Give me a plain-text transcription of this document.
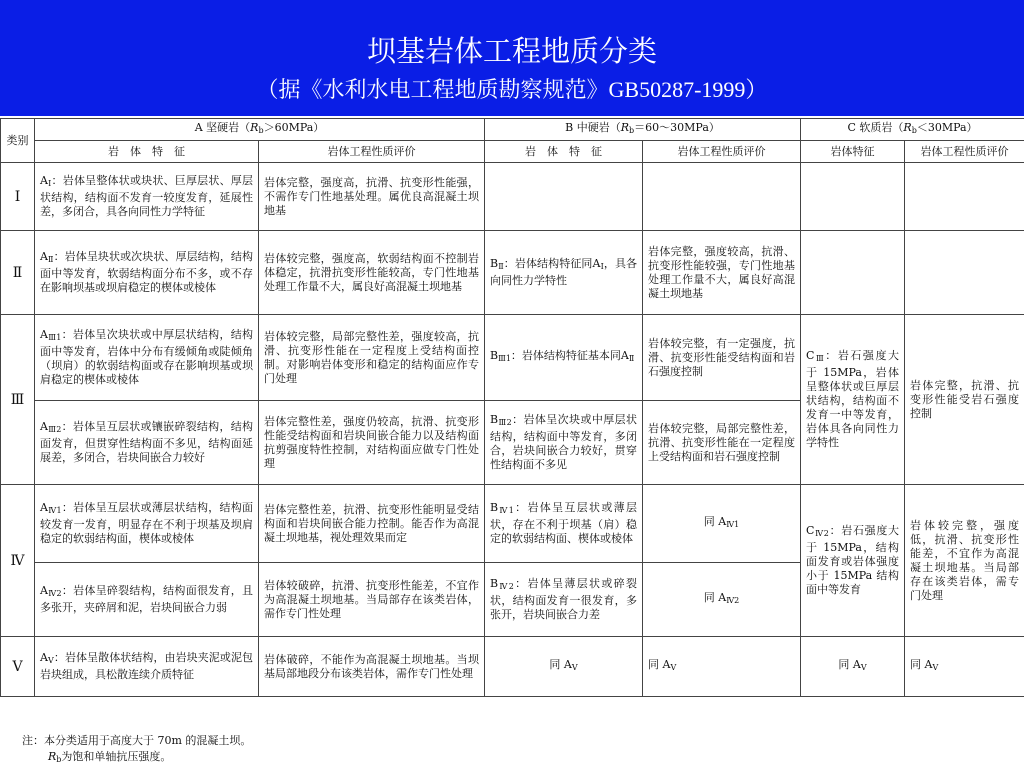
坝基岩体工程地质分类
（据《水利水电工程地质勘察规范》GB50287-1999）
类别	A 坚硬岩$(R_b>60MPa)$		B 中硬岩$(R_b=60\sim 30MPa)$		C 软质岩$(R_b<30MPa)$	
	岩　体　特　征	岩体工程性质评价	岩　体　特　征	岩体工程性质评价	岩体特征	岩体工程性质评价
Ⅰ	$A_Ⅰ$：岩体呈整体状或块状、巨厚层状、厚层状结构，结构面不发育一较度发育，延展性差，多闭合，具各向同性力学特征	岩体完整，强度高，抗滑、抗变形性能强，不需作专门性地基处理。属优良高混凝土坝地基				
Ⅱ	$A_Ⅱ$：岩体呈块状或次块状、厚层结构，结构面中等发育，软弱结构面分布不多，或不存在影响坝基或坝肩稳定的楔体或棱体	岩体较完整，强度高，软弱结构面不控制岩体稳定，抗滑抗变形性能较高，专门性地基处理工作量不大，属良好高混凝土坝地基	$B_Ⅱ$：岩体结构特征同$A_Ⅰ$，具各向同性力学特性	岩体完整，强度较高，抗滑、抗变形性能较强，专门性地基处理工作量不大，属良好高混凝土坝地基		
Ⅲ	$A_{Ⅲ1}$：岩体呈次块状或中厚层状结构，结构面中等发育，岩体中分布有缓倾角或陡倾角（坝肩）的软弱结构面或存在影响坝基或坝肩稳定的楔体或棱体	岩体较完整，局部完整性差，强度较高，抗滑、抗变形性能在一定程度上受结构面控制。对影响岩体变形和稳定的结构面应作专门处理	$B_{Ⅲ1}$：岩体结构特征基本同$A_Ⅱ$	岩体较完整，有一定强度，抗滑、抗变形性能受结构面和岩石强度控制	$C_Ⅲ$：岩石强度大于 15MPa，岩体呈整体状或巨厚层状结构，结构面不发育一中等发育，岩体具各向同性力学特性	岩体完整，抗滑、抗变形性能受岩石强度控制
	$A_{Ⅲ2}$：岩体呈互层状或镶嵌碎裂结构，结构面发育，但贯穿性结构面不多见，结构面延展差，多闭合，岩块间嵌合力较好	岩体完整性差，强度仍较高，抗滑、抗变形性能受结构面和岩块间嵌合能力以及结构面抗剪强度特性控制，对结构面应做专门性处理	$B_{Ⅲ2}$：岩体呈次块或中厚层状结构，结构面中等发育，多闭合，岩块间嵌合力较好，贯穿性结构面不多见	岩体较完整，局部完整性差，抗滑、抗变形性能在一定程度上受结构面和岩石强度控制		
Ⅳ	$A_{Ⅳ1}$：岩体呈互层状或薄层状结构，结构面较发育一发育，明显存在不利于坝基及坝肩稳定的软弱结构面，楔体或棱体	岩体完整性差，抗滑、抗变形性能明显受结构面和岩块间嵌合能力控制。能否作为高混凝土坝地基，视处理效果而定	$B_{Ⅳ1}$：岩体呈互层状或薄层状，存在不利于坝基（肩）稳定的软弱结构面、楔体或棱体	同 $A_{Ⅳ1}$	$C_{Ⅳ2}$：岩石强度大于 15MPa，结构面发育或岩体强度小于 15MPa 结构面中等发育	岩体较完整，强度低，抗滑、抗变形性能差，不宜作为高混凝土坝地基。当局部存在该类岩体，需专门处理
	$A_{Ⅳ2}$：岩体呈碎裂结构，结构面很发育，且多张开，夹碎屑和泥，岩块间嵌合力弱	岩体较破碎，抗滑、抗变形性能差，不宜作为高混凝土坝地基。当局部存在该类岩体，需作专门性处理	$B_{Ⅳ2}$：岩体呈薄层状或碎裂状，结构面发育一很发育，多张开，岩块间嵌合力差	同 $A_{Ⅳ2}$
Ⅴ	$A_Ⅴ$：岩体呈散体状结构，由岩块夹泥或泥包岩块组成，具松散连续介质特征	岩体破碎，不能作为高混凝土坝地基。当坝基局部地段分布该类岩体，需作专门性处理	同 $A_Ⅴ$	同 $A_Ⅴ$	同 $A_Ⅴ$	同 $A_Ⅴ$
注：本分类适用于高度大于 70m 的混凝土坝。
$R_b$为饱和单轴抗压强度。
